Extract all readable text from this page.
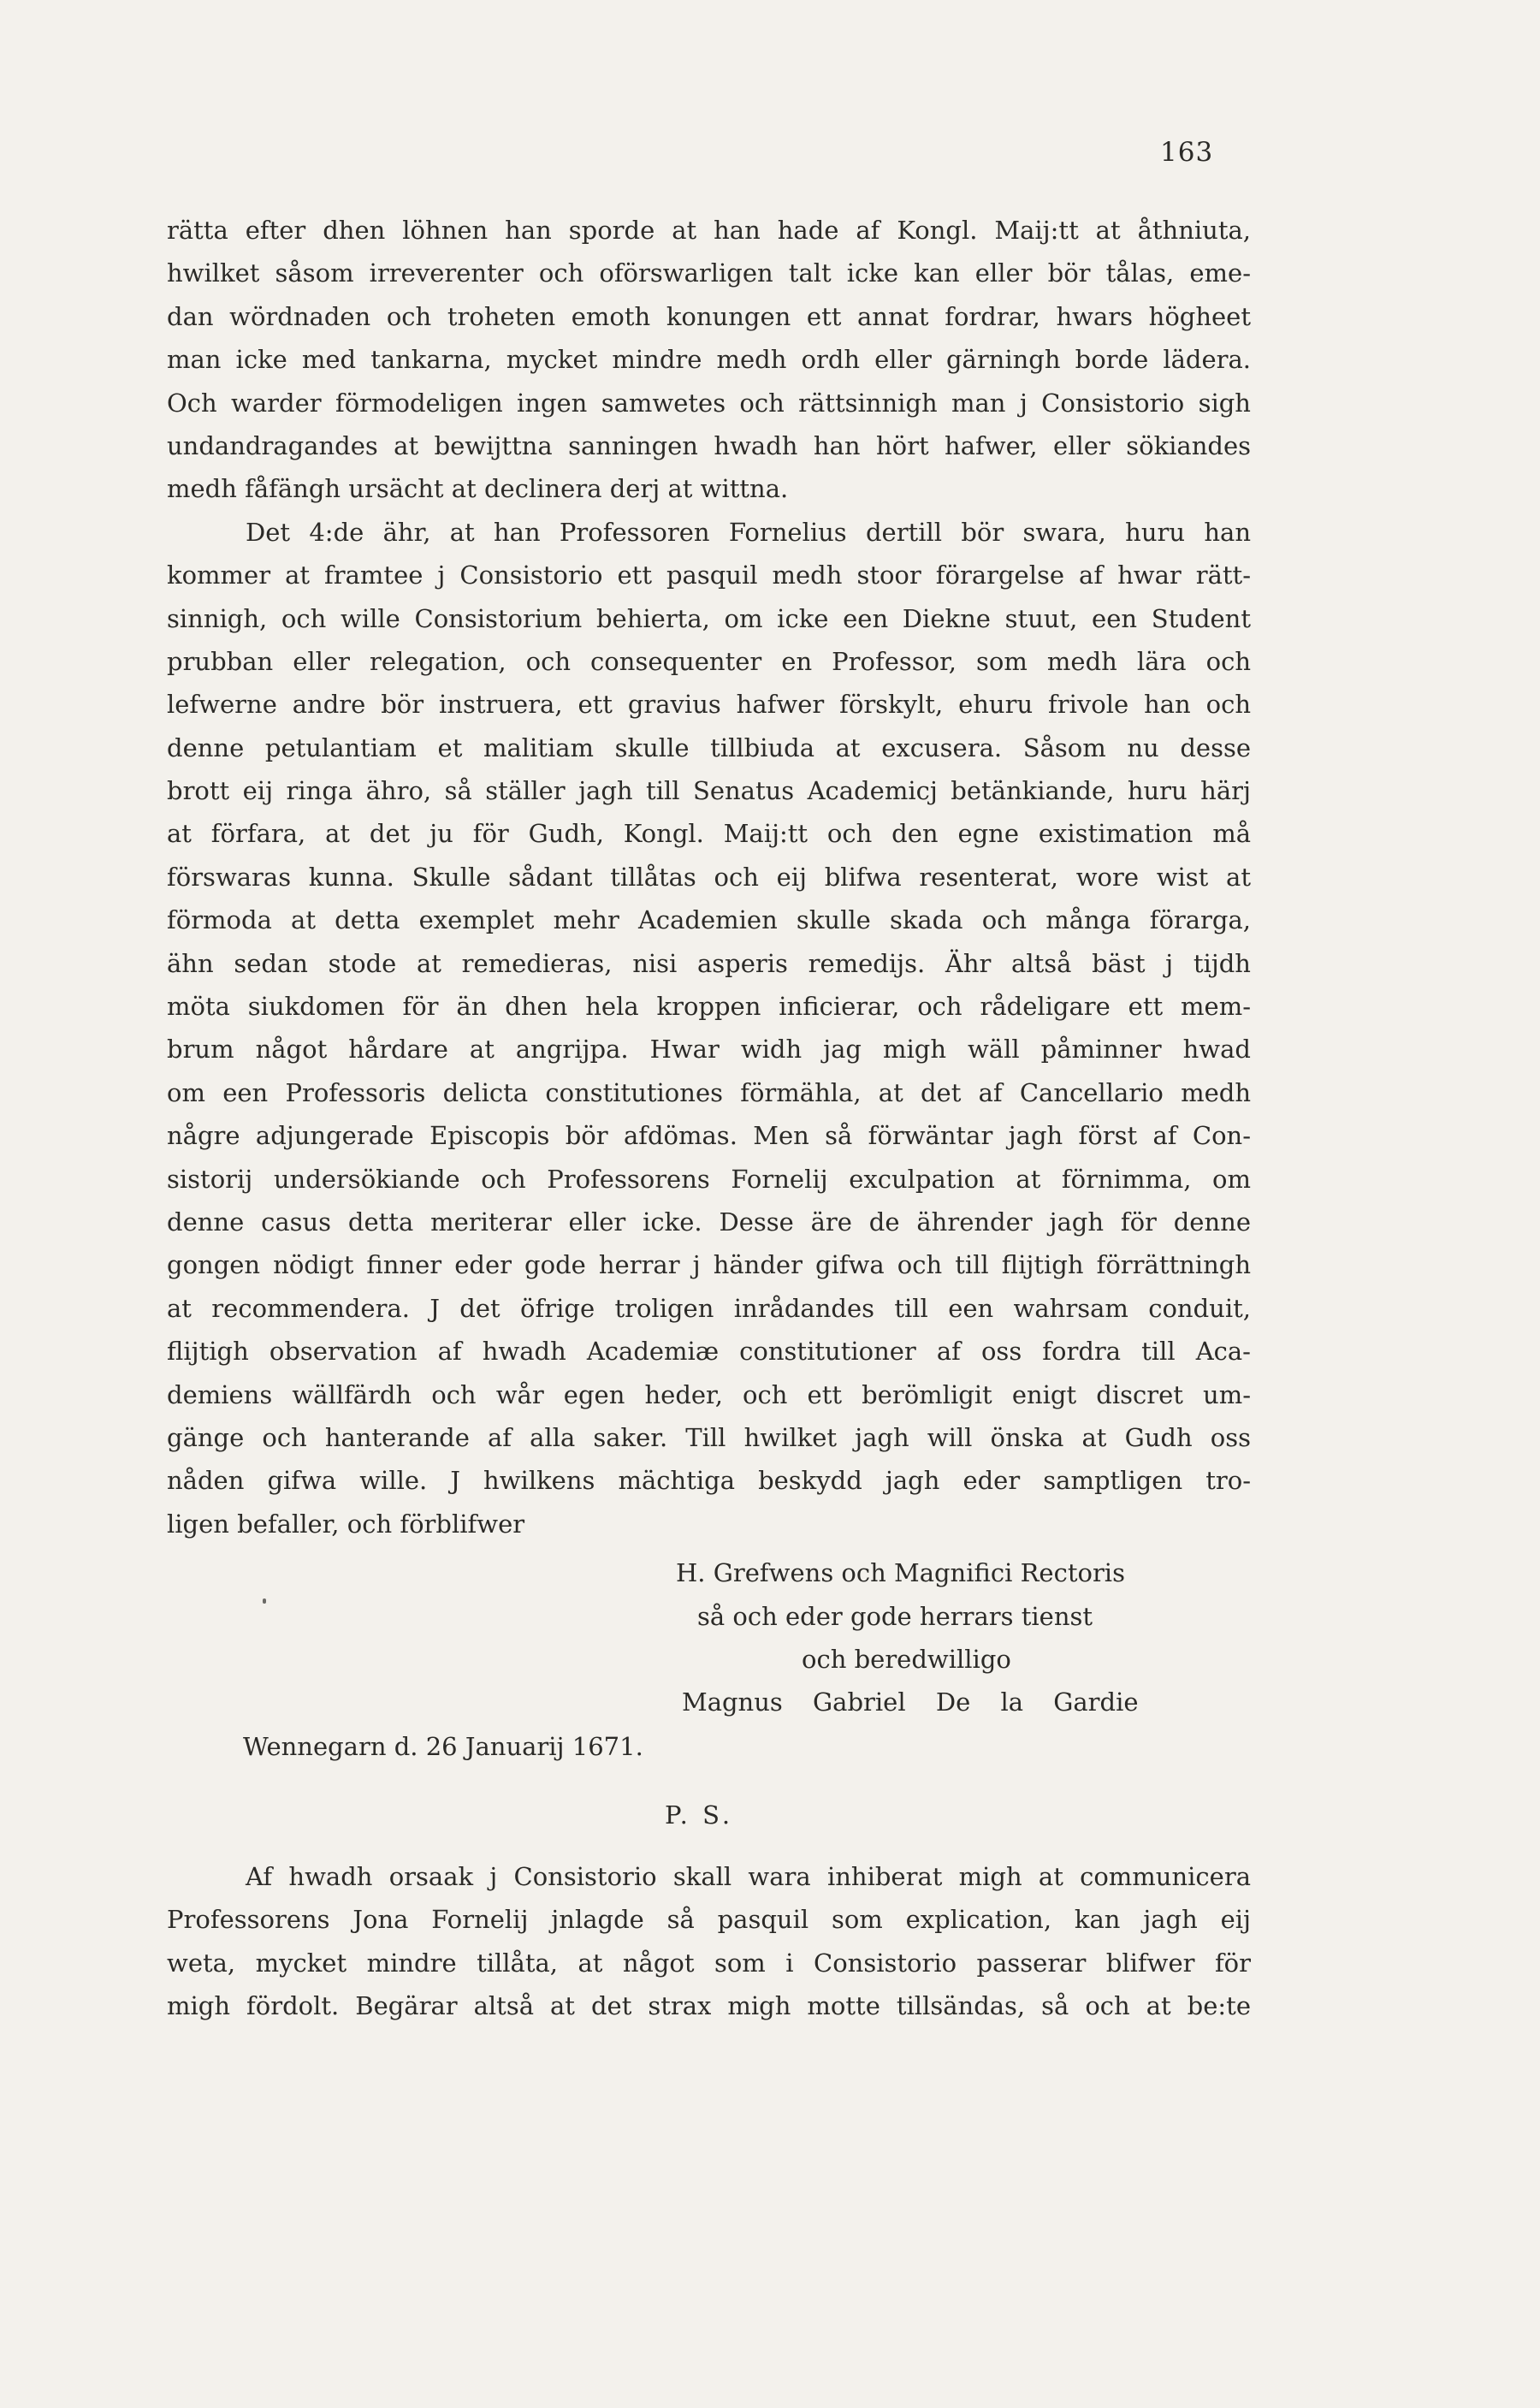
163
rätta efter dhen löhnen han sporde at han hade af Kongl. Maij:tt at åthniuta,
hwilket såsom irreverenter och oförswarligen talt icke kan eller bör tålas, eme-
dan wördnaden och troheten emoth konungen ett annat fordrar, hwars högheet
man icke med tankarna, mycket mindre medh ordh eller gärningh borde lädera.
Och warder förmodeligen ingen samwetes och rättsinnigh man j Consistorio sigh
undandragandes at bewijttna sanningen hwadh han hört hafwer, eller sökiandes
medh fåfängh ursächt at declinera derj at wittna.
Det 4:de ähr, at han Professoren Fornelius dertill bör swara, huru han
kommer at framtee j Consistorio ett pasquil medh stoor förargelse af hwar rätt-
sinnigh, och wille Consistorium behierta, om icke een Diekne stuut, een Student
prubban eller relegation, och consequenter en Professor, som medh lära och
lefwerne andre bör instruera, ett gravius hafwer förskylt, ehuru frivole han och
denne petulantiam et malitiam skulle tillbiuda at excusera. Såsom nu desse
brott eij ringa ähro, så ställer jagh till Senatus Academicj betänkiande, huru härj
at förfara, at det ju för Gudh, Kongl. Maij:tt och den egne existimation må
förswaras kunna. Skulle sådant tillåtas och eij blifwa resenterat, wore wist at
förmoda at detta exemplet mehr Academien skulle skada och många förarga,
ähn sedan stode at remedieras, nisi asperis remedijs. Ähr altså bäst j tijdh
möta siukdomen för än dhen hela kroppen inficierar, och rådeligare ett mem-
brum något hårdare at angrijpa. Hwar widh jag migh wäll påminner hwad
om een Professoris delicta constitutiones förmähla, at det af Cancellario medh
någre adjungerade Episcopis bör afdömas. Men så förwäntar jagh först af Con-
sistorij undersökiande och Professorens Fornelij exculpation at förnimma, om
denne casus detta meriterar eller icke. Desse äre de ährender jagh för denne
gongen nödigt finner eder gode herrar j händer gifwa och till flijtigh förrättningh
at recommendera. J det öfrige troligen inrådandes till een wahrsam conduit,
flijtigh observation af hwadh Academiæ constitutioner af oss fordra till Aca-
demiens wällfärdh och wår egen heder, och ett berömligit enigt discret um-
gänge och hanterande af alla saker. Till hwilket jagh will önska at Gudh oss
nåden gifwa wille. J hwilkens mächtiga beskydd jagh eder samptligen tro-
ligen befaller, och förblifwer
H. Grefwens och Magnifici Rectoris
så och eder gode herrars tienst
och beredwilligo
Magnus Gabriel De la Gardie
Wennegarn d. 26 Januarij 1671.
P. S.
Af hwadh orsaak j Consistorio skall wara inhiberat migh at communicera
Professorens Jona Fornelij jnlagde så pasquil som explication, kan jagh eij
weta, mycket mindre tillåta, at något som i Consistorio passerar blifwer för
migh fördolt. Begärar altså at det strax migh motte tillsändas, så och at be:te
